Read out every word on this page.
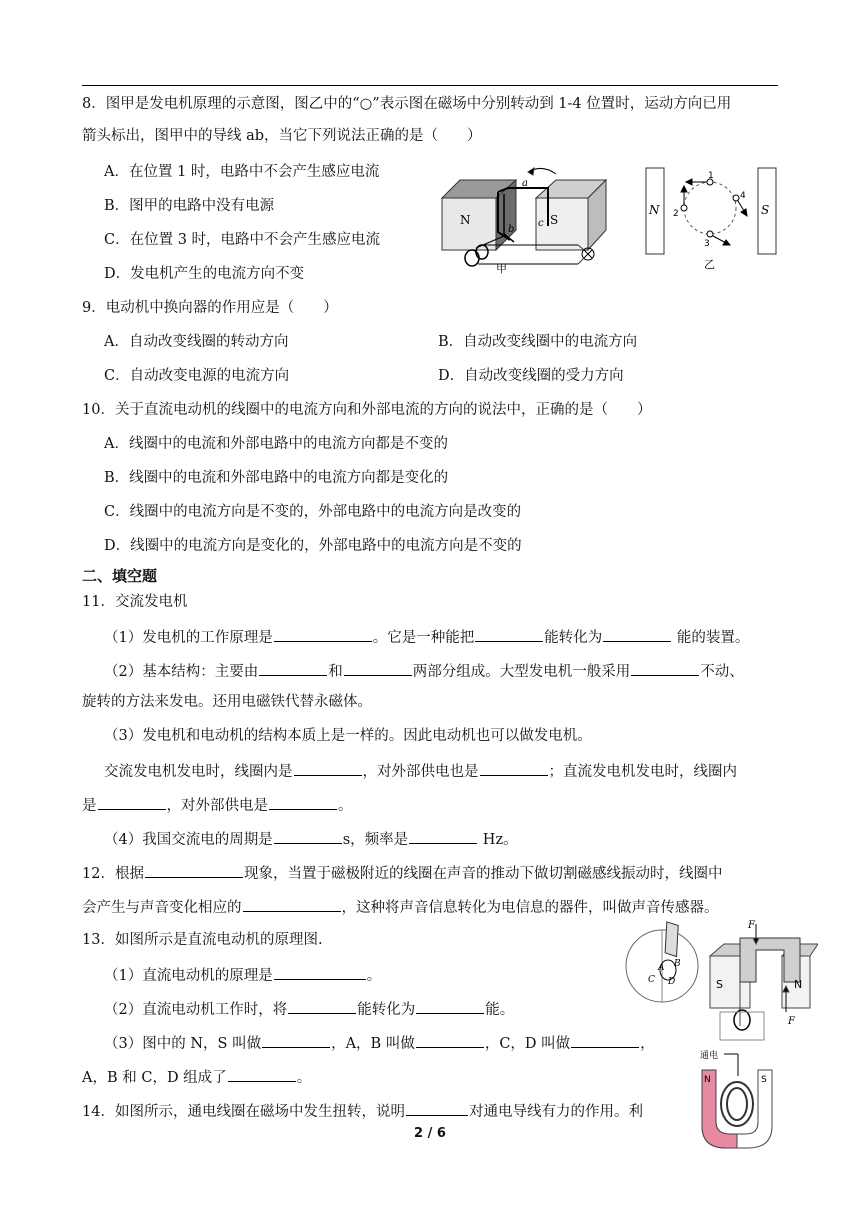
8．图甲是发电机原理的示意图，图乙中的“○”表示图在磁场中分别转动到 1-4 位置时，运动方向已用
箭头标出，图甲中的导线 ab，当它下列说法正确的是（　　）
A．在位置 1 时，电路中不会产生感应电流
B．图甲的电路中没有电源
C．在位置 3 时，电路中不会产生感应电流
D．发电机产生的电流方向不变
N	S
a
b
c
甲
N	S
1
2
3
4
乙
9．电动机中换向器的作用应是（　　）
A．自动改变线圈的转动方向	B．自动改变线圈中的电流方向
C．自动改变电源的电流方向	D．自动改变线圈的受力方向
10．关于直流电动机的线圈中的电流方向和外部电流的方向的说法中，正确的是（　　）
A．线圈中的电流和外部电路中的电流方向都是不变的
B．线圈中的电流和外部电路中的电流方向都是变化的
C．线圈中的电流方向是不变的，外部电路中的电流方向是改变的
D．线圈中的电流方向是变化的，外部电路中的电流方向是不变的
二、填空题
11．交流发电机
（1）发电机的工作原理是	。它是一种能把	能转化为	能的装置。
（2）基本结构：主要由	和	两部分组成。大型发电机一般采用	不动、
旋转的方法来发电。还用电磁铁代替永磁体。
（3）发电机和电动机的结构本质上是一样的。因此电动机也可以做发电机。
交流发电机发电时，线圈内是	，对外部供电也是	；直流发电机发电时，线圈内
是	，对外部供电是	。
（4）我国交流电的周期是	s，频率是	Hz。
12．根据	现象，当置于磁极附近的线圈在声音的推动下做切割磁感线振动时，线圈中
会产生与声音变化相应的	，这种将声音信息转化为电信息的器件，叫做声音传感器。
13．如图所示是直流电动机的原理图.
（1）直流电动机的原理是	。
（2）直流电动机工作时，将	能转化为	能。
（3）图中的 N，S 叫做	，A，B 叫做	，C，D 叫做	，
A，B 和 C，D 组成了	。
F
F
N
S
A B
C D
14．如图所示，通电线圈在磁场中发生扭转，说明	对通电导线有力的作用。利
通电
N	S
2 / 6
